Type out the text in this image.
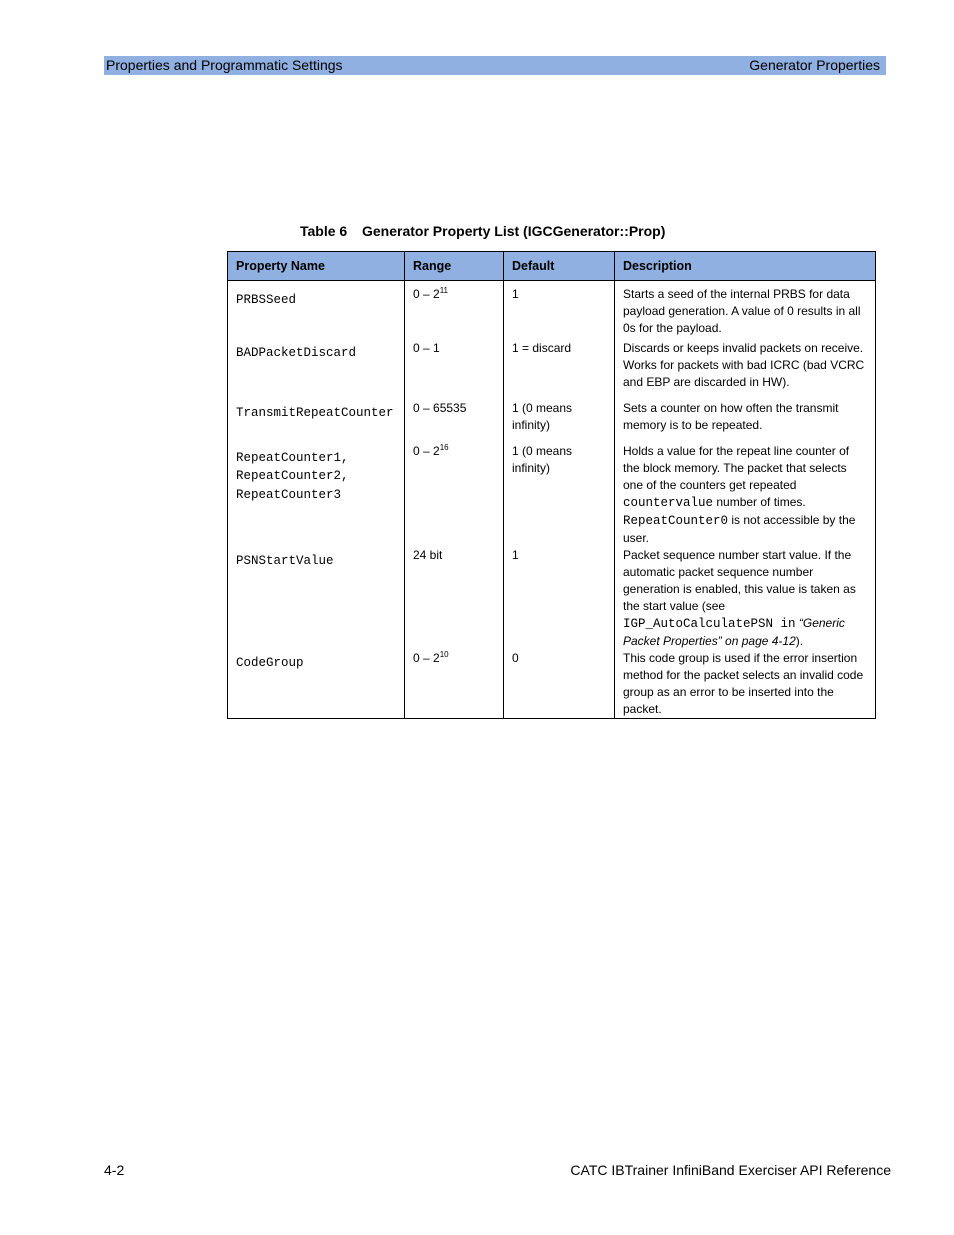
Properties and Programmatic Settings	Generator Properties
Table 6 Generator Property List (IGCGenerator::Prop)
Property Name	Range	Default	Description

PRBSSeed	$0 - 2^{11}$	1	Starts a seed of the internal PRBS for data payload generation. A value of 0 results in all 0s for the payload.

BADPacketDiscard	0 – 1	1 = discard	Discards or keeps invalid packets on receive. Works for packets with bad ICRC (bad VCRC and EBP are discarded in HW).

TransmitRepeatCounter	0 – 65535	1 (0 means infinity)	Sets a counter on how often the transmit memory is to be repeated.

RepeatCounter1,
RepeatCounter2,
RepeatCounter3	$0 - 2^{16}$	1 (0 means infinity)	Holds a value for the repeat line counter of the block memory. The packet that selects one of the counters get repeated countervalue number of times. RepeatCounter0 is not accessible by the user.

PSNStartValue	24 bit	1	Packet sequence number start value. If the automatic packet sequence number generation is enabled, this value is taken as the start value (see IGP_AutoCalculatePSN in “Generic Packet Properties” on page 4-12).

CodeGroup	$0 - 2^{10}$	0	This code group is used if the error insertion method for the packet selects an invalid code group as an error to be inserted into the packet.
4-2	CATC IBTrainer InfiniBand Exerciser API Reference
